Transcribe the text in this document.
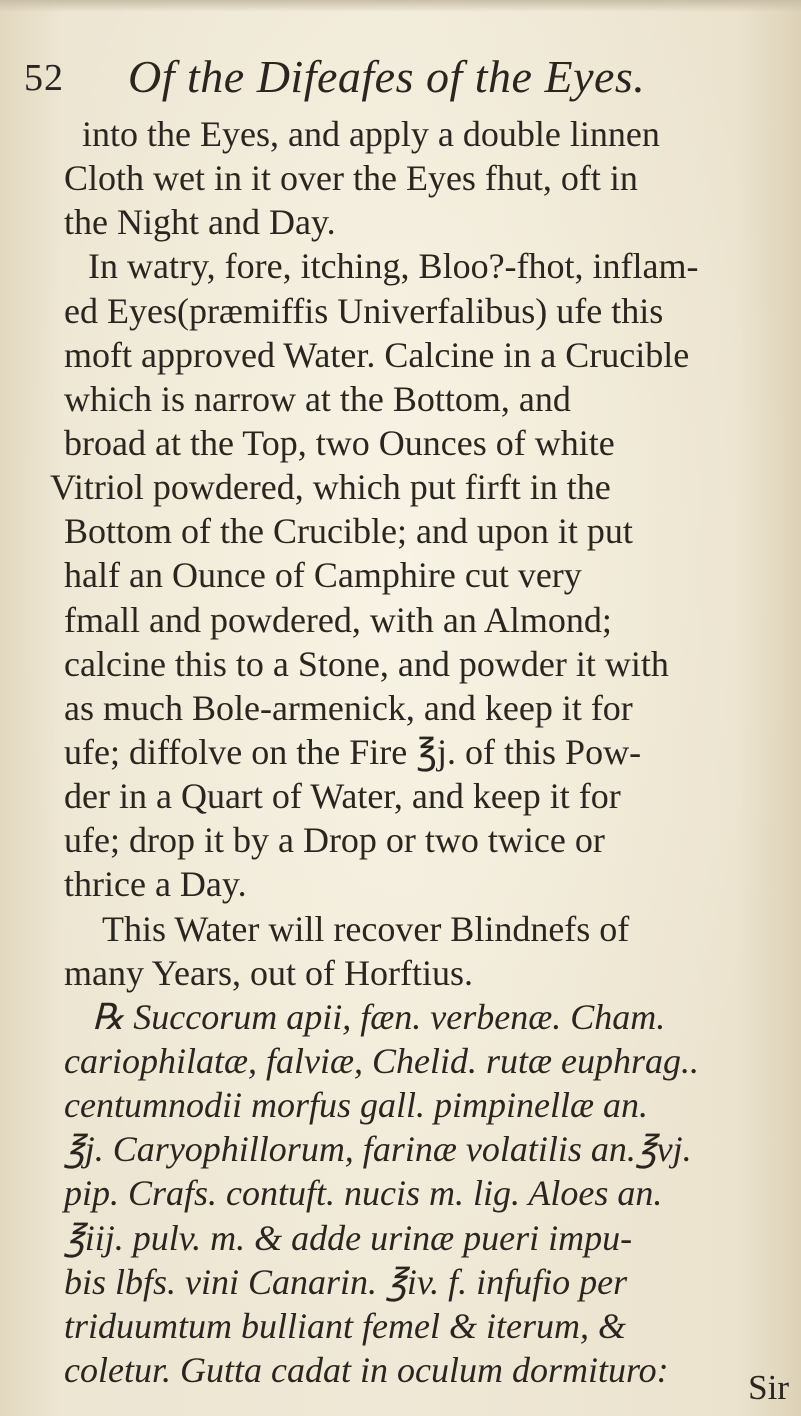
52 Of the Difeafes of the Eyes.
into the Eyes, and apply a double linnen
Cloth wet in it over the Eyes fhut, oft in
the Night and Day.
In watry, fore, itching, Bloo?-fhot, inflam-
ed Eyes(præmiffis Univerfalibus) ufe this
moft approved Water. Calcine in a Crucible
which is narrow at the Bottom, and
broad at the Top, two Ounces of white
Vitriol powdered, which put firft in the
Bottom of the Crucible; and upon it put
half an Ounce of Camphire cut very
fmall and powdered, with an Almond;
calcine this to a Stone, and powder it with
as much Bole-armenick, and keep it for
ufe; diffolve on the Fire ℥j. of this Pow-
der in a Quart of Water, and keep it for
ufe; drop it by a Drop or two twice or
thrice a Day.
This Water will recover Blindnefs of
many Years, out of Horftius.
℞ Succorum apii, fæn. verbenæ. Cham.
cariophilatæ, falviæ, Chelid. rutæ euphrag..
centumnodii morfus gall. pimpinellæ an.
℥j. Caryophillorum, farinæ volatilis an.℥vj.
pip. Crafs. contuft. nucis m. lig. Aloes an.
℥iij. pulv. m. & adde urinæ pueri impu-
bis lbfs. vini Canarin. ℥iv. f. infufio per
triduumtum bulliant femel & iterum, &
coletur. Gutta cadat in oculum dormituro: Sir
